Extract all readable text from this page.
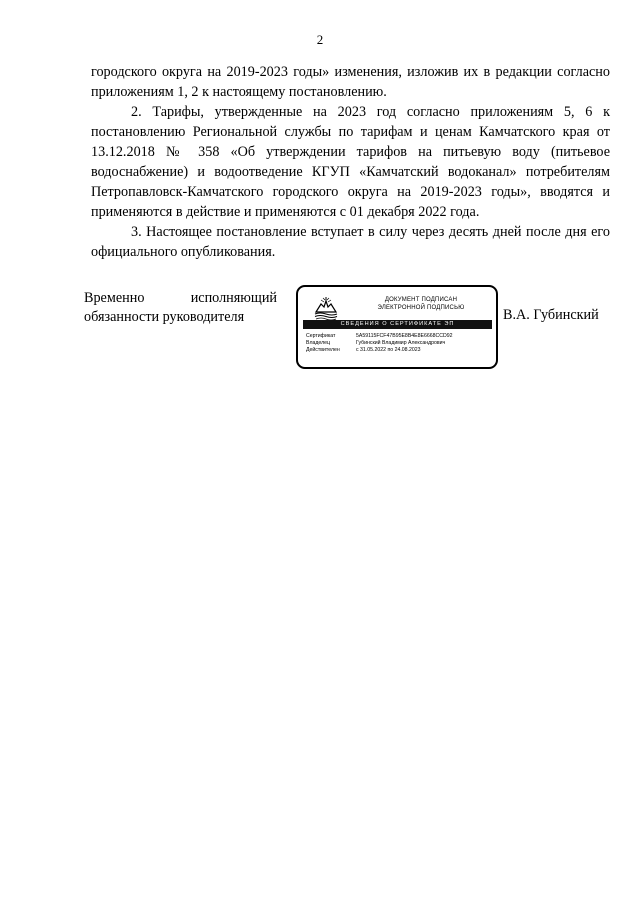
2

городского округа на 2019-2023 годы» изменения, изложив их в редакции согласно приложениям 1, 2 к настоящему постановлению.

2. Тарифы, утвержденные на 2023 год согласно приложениям 5, 6 к постановлению Региональной службы по тарифам и ценам Камчатского края от 13.12.2018 № 358 «Об утверждении тарифов на питьевую воду (питьевое водоснабжение) и водоотведение КГУП «Камчатский водоканал» потребителям Петропавловск-Камчатского городского округа на 2019-2023 годы», вводятся и применяются в действие и применяются с 01 декабря 2022 года.

3. Настоящее постановление вступает в силу через десять дней после дня его официального опубликования.

Временно	исполняющий
обязанности руководителя
ДОКУМЕНТ ПОДПИСАН
ЭЛЕКТРОННОЙ ПОДПИСЬЮ
СВЕДЕНИЯ О СЕРТИФИКАТЕ ЭП
Сертификат	5A59115FCF47B95E8B4E8E6668CCD92
Владелец	Губинский Владимир Александрович
Действителен	с 31.05.2022 по 24.08.2023
В.А. Губинский
